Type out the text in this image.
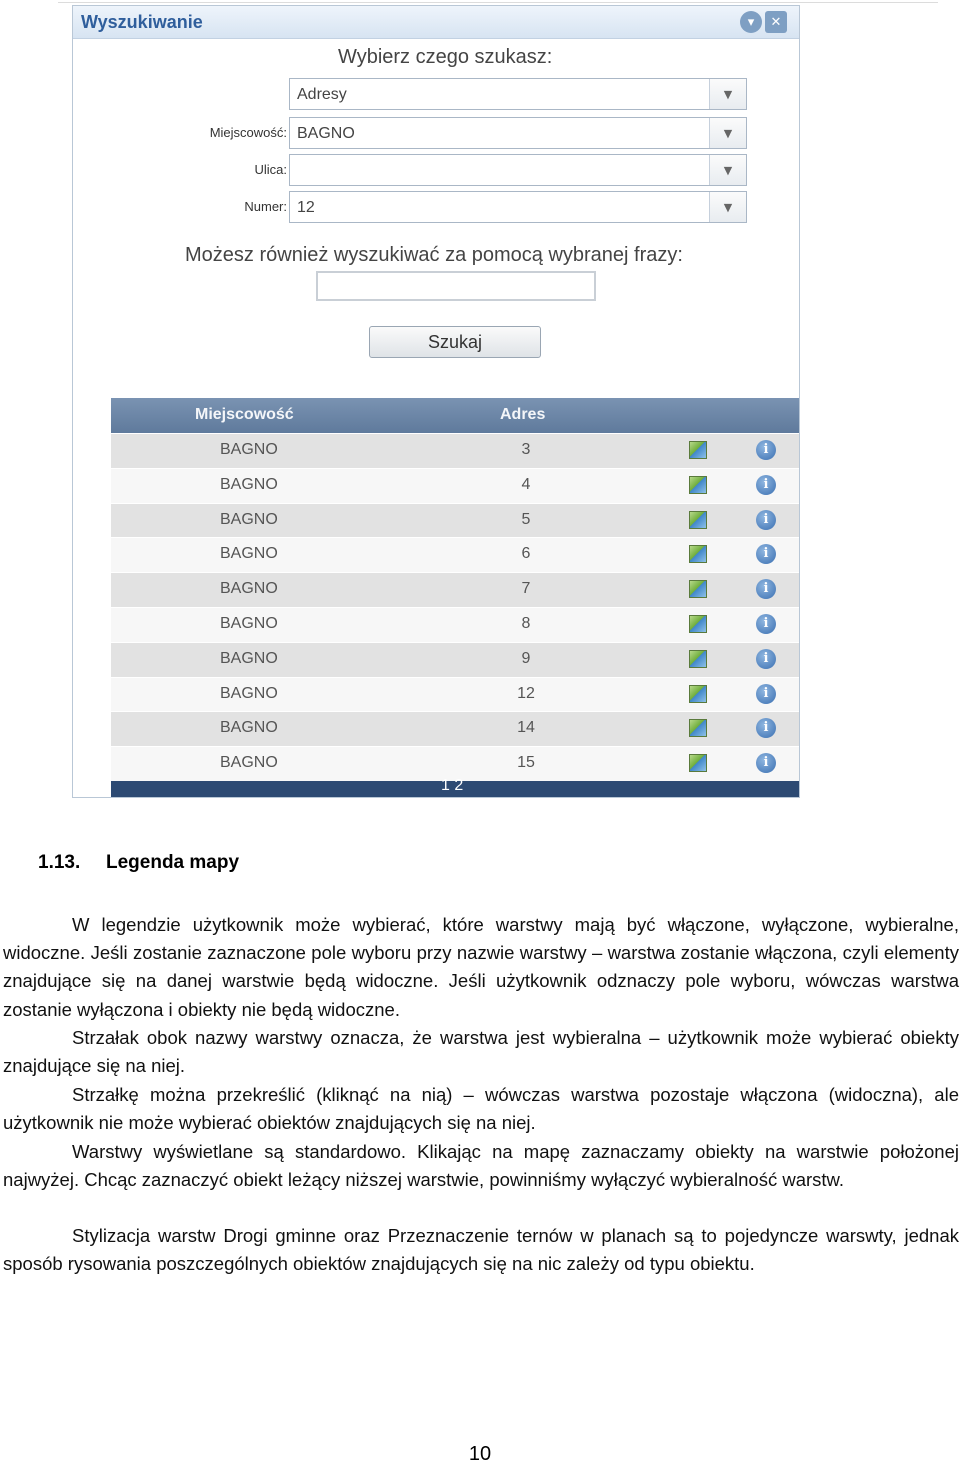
Wyszukiwanie	▾	✕
Wybierz czego szukasz:
Adresy	▼
Miejscowość: BAGNO	▼
Ulica:	▼
Numer: 12	▼
Możesz również wyszukiwać za pomocą wybranej frazy:
Szukaj
Miejscowość	Adres
BAGNO	3	i
BAGNO	4	i
BAGNO	5	i
BAGNO	6	i
BAGNO	7	i
BAGNO	8	i
BAGNO	9	i
BAGNO	12	i
BAGNO	14	i
BAGNO	15	i
1 2
1.13. Legenda mapy

W legendzie użytkownik może wybierać, które warstwy mają być włączone, wyłączone, wybieralne, widoczne. Jeśli zostanie zaznaczone pole wyboru przy nazwie warstwy – warstwa zostanie włączona, czyli elementy znajdujące się na danej warstwie będą widoczne. Jeśli użytkownik odznaczy pole wyboru, wówczas warstwa zostanie wyłączona i obiekty nie będą widoczne.

Strzałak obok nazwy warstwy oznacza, że warstwa jest wybieralna – użytkownik może wybierać obiekty znajdujące się na niej.

Strzałkę można przekreślić (kliknąć na nią) – wówczas warstwa pozostaje włączona (widoczna), ale użytkownik nie może wybierać obiektów znajdujących się na niej.

Warstwy wyświetlane są standardowo. Klikając na mapę zaznaczamy obiekty na warstwie położonej najwyżej. Chcąc zaznaczyć obiekt leżący niższej warstwie, powinniśmy wyłączyć wybieralność warstw.

Stylizacja warstw Drogi gminne oraz Przeznaczenie ternów w planach są to pojedyncze warswty, jednak sposób rysowania poszczególnych obiektów znajdujących się na nic zależy od typu obiektu.

10
